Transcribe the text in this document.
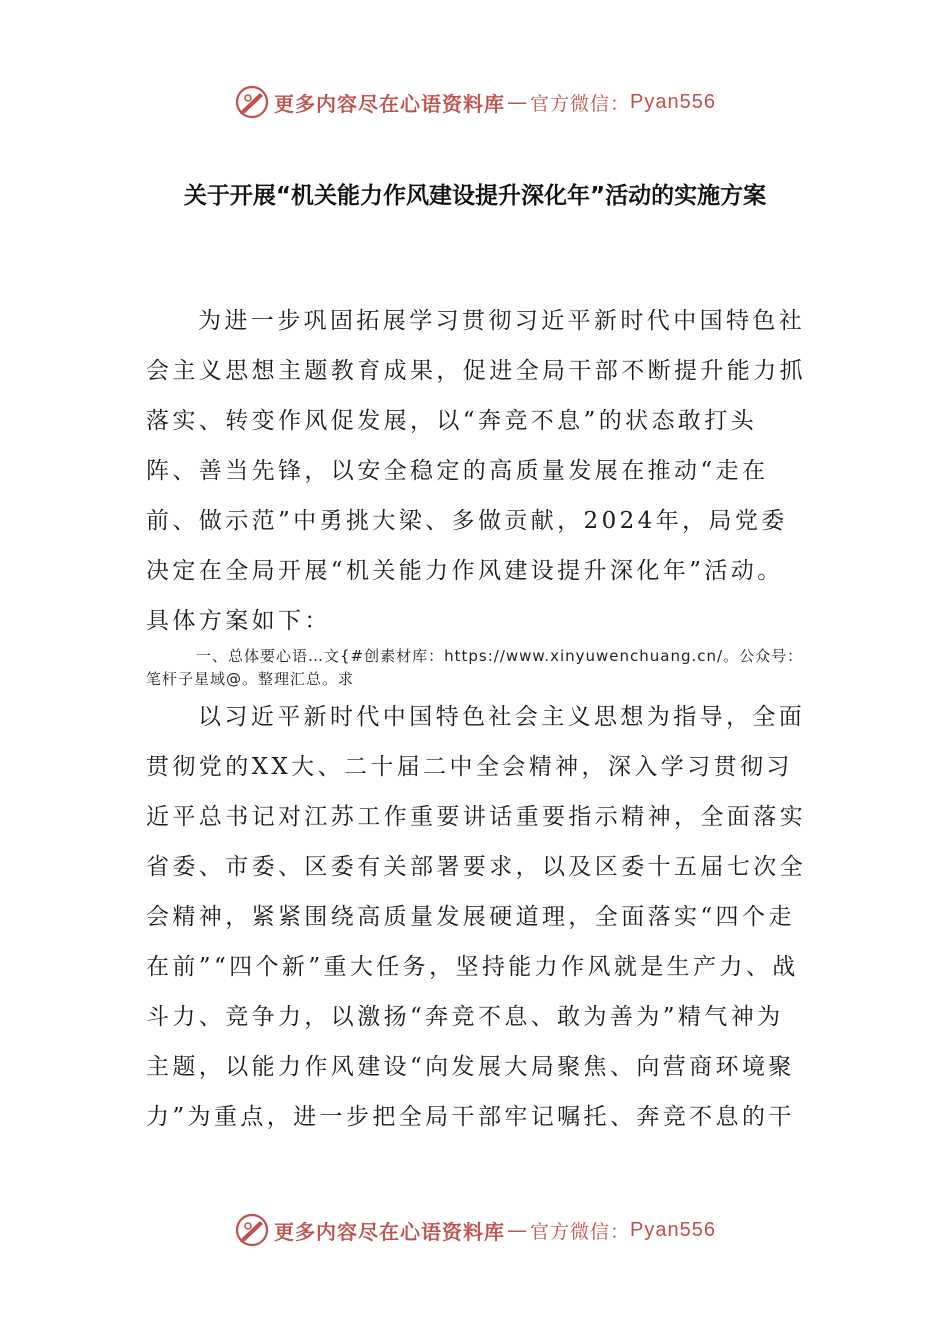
更多内容尽在心语资料库 — 官方微信： Pyan556
关于开展“机关能力作风建设提升深化年”活动的实施方案
为进一步巩固拓展学习贯彻习近平新时代中国特色社会主义思想主题教育成果，促进全局干部不断提升能力抓落实、转变作风促发展，以“奔竞不息”的状态敢打头阵、善当先锋，以安全稳定的高质量发展在推动“走在前、做示范”中勇挑大梁、多做贡献，2024年，局党委决定在全局开展“机关能力作风建设提升深化年”活动。具体方案如下：
一、总体要心语…文{#创素材库：https://www.xinyuwenchuang.cn/。公众号：笔杆子星域@。整理汇总。求
以习近平新时代中国特色社会主义思想为指导，全面贯彻党的XX大、二十届二中全会精神，深入学习贯彻习近平总书记对江苏工作重要讲话重要指示精神，全面落实省委、市委、区委有关部署要求，以及区委十五届七次全会精神，紧紧围绕高质量发展硬道理，全面落实“四个走在前”“四个新”重大任务，坚持能力作风就是生产力、战斗力、竞争力，以激扬“奔竞不息、敢为善为”精气神为主题，以能力作风建设“向发展大局聚焦、向营商环境聚力”为重点，进一步把全局干部牢记嘱托、奔竞不息的干
更多内容尽在心语资料库 — 官方微信： Pyan556
